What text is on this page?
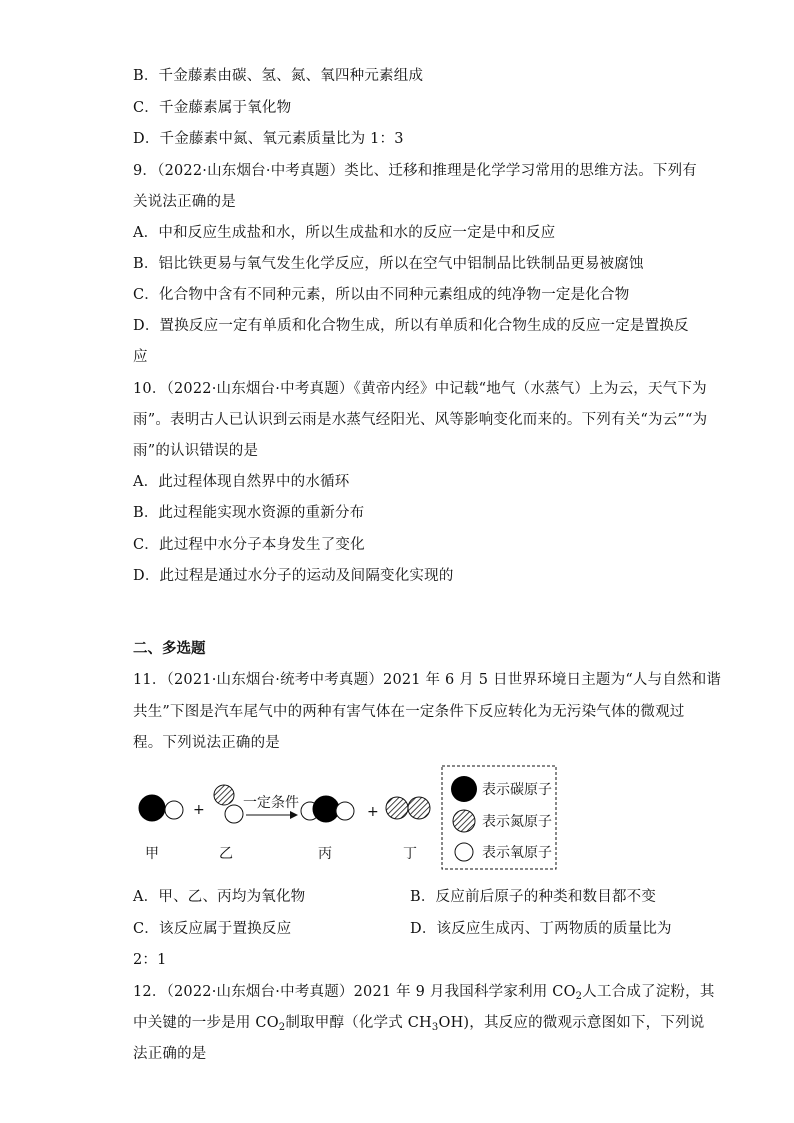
B．千金藤素由碳、氢、氮、氧四种元素组成
C．千金藤素属于氧化物
D．千金藤素中氮、氧元素质量比为 1：3
9．（2022·山东烟台·中考真题）类比、迁移和推理是化学学习常用的思维方法。下列有
关说法正确的是
A．中和反应生成盐和水，所以生成盐和水的反应一定是中和反应
B．铝比铁更易与氧气发生化学反应，所以在空气中铝制品比铁制品更易被腐蚀
C．化合物中含有不同种元素，所以由不同种元素组成的纯净物一定是化合物
D．置换反应一定有单质和化合物生成，所以有单质和化合物生成的反应一定是置换反
应
10．（2022·山东烟台·中考真题）《黄帝内经》中记载“地气（水蒸气）上为云，天气下为
雨”。表明古人已认识到云雨是水蒸气经阳光、风等影响变化而来的。下列有关“为云”“为
雨”的认识错误的是
A．此过程体现自然界中的水循环
B．此过程能实现水资源的重新分布
C．此过程中水分子本身发生了变化
D．此过程是通过水分子的运动及间隔变化实现的
二、多选题
11．（2021·山东烟台·统考中考真题）2021 年 6 月 5 日世界环境日主题为“人与自然和谐
共生”下图是汽车尾气中的两种有害气体在一定条件下反应转化为无污染气体的微观过
程。下列说法正确的是
+	一定条件
+
甲	乙	丙	丁
表示碳原子
表示氮原子
表示氧原子
A．甲、乙、丙均为氧化物	B．反应前后原子的种类和数目都不变
C．该反应属于置换反应	D．该反应生成丙、丁两物质的质量比为
2：1
12．（2022·山东烟台·中考真题）2021 年 9 月我国科学家利用 $CO_2$人工合成了淀粉，其
中关键的一步是用 $CO_2$制取甲醇（化学式 $CH_3OH$)，其反应的微观示意图如下，下列说
法正确的是
